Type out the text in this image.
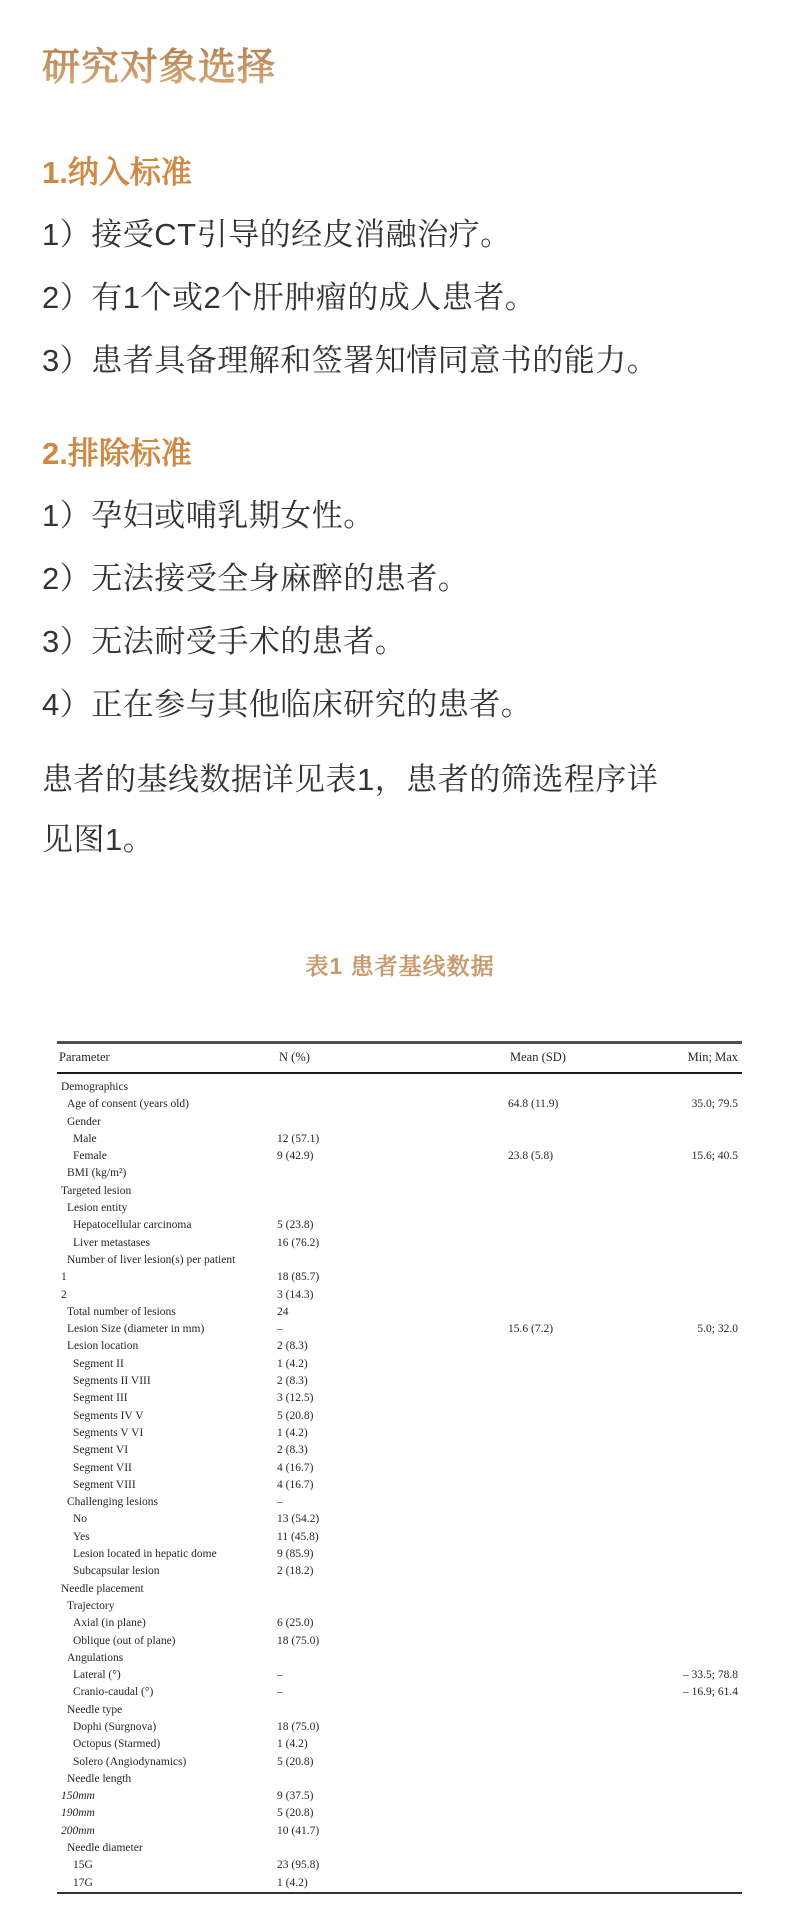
研究对象选择
1.纳入标准

1）接受CT引导的经皮消融治疗。

2）有1个或2个肝肿瘤的成人患者。

3）患者具备理解和签署知情同意书的能力。

2.排除标准

1）孕妇或哺乳期女性。

2）无法接受全身麻醉的患者。

3）无法耐受手术的患者。

4）正在参与其他临床研究的患者。

患者的基线数据详见表1，患者的筛选程序详

见图1。

表1 患者基线数据
Parameter	N (%)	Mean (SD)	Min; Max
Demographics			
Age of consent (years old)		64.8 (11.9)	35.0; 79.5
Gender			
Male	12 (57.1)		
Female	9 (42.9)	23.8 (5.8)	15.6; 40.5
BMI (kg/m²)			
Targeted lesion			
Lesion entity			
Hepatocellular carcinoma	5 (23.8)		
Liver metastases	16 (76.2)		
Number of liver lesion(s) per patient			
1	18 (85.7)		
2	3 (14.3)		
Total number of lesions	24		
Lesion Size (diameter in mm)	–	15.6 (7.2)	5.0; 32.0
Lesion location	2 (8.3)		
Segment II	1 (4.2)		
Segments II VIII	2 (8.3)		
Segment III	3 (12.5)		
Segments IV V	5 (20.8)		
Segments V VI	1 (4.2)		
Segment VI	2 (8.3)		
Segment VII	4 (16.7)		
Segment VIII	4 (16.7)		
Challenging lesions	–		
No	13 (54.2)		
Yes	11 (45.8)		
Lesion located in hepatic dome	9 (85.9)		
Subcapsular lesion	2 (18.2)		
Needle placement			
Trajectory			
Axial (in plane)	6 (25.0)		
Oblique (out of plane)	18 (75.0)		
Angulations			
Lateral (°)	–		– 33.5; 78.8
Cranio-caudal (°)	–		– 16.9; 61.4
Needle type			
Dophi (Surgnova)	18 (75.0)		
Octopus (Starmed)	1 (4.2)		
Solero (Angiodynamics)	5 (20.8)		
Needle length			
150mm	9 (37.5)		
190mm	5 (20.8)		
200mm	10 (41.7)		
Needle diameter			
15G	23 (95.8)		
17G	1 (4.2)		
